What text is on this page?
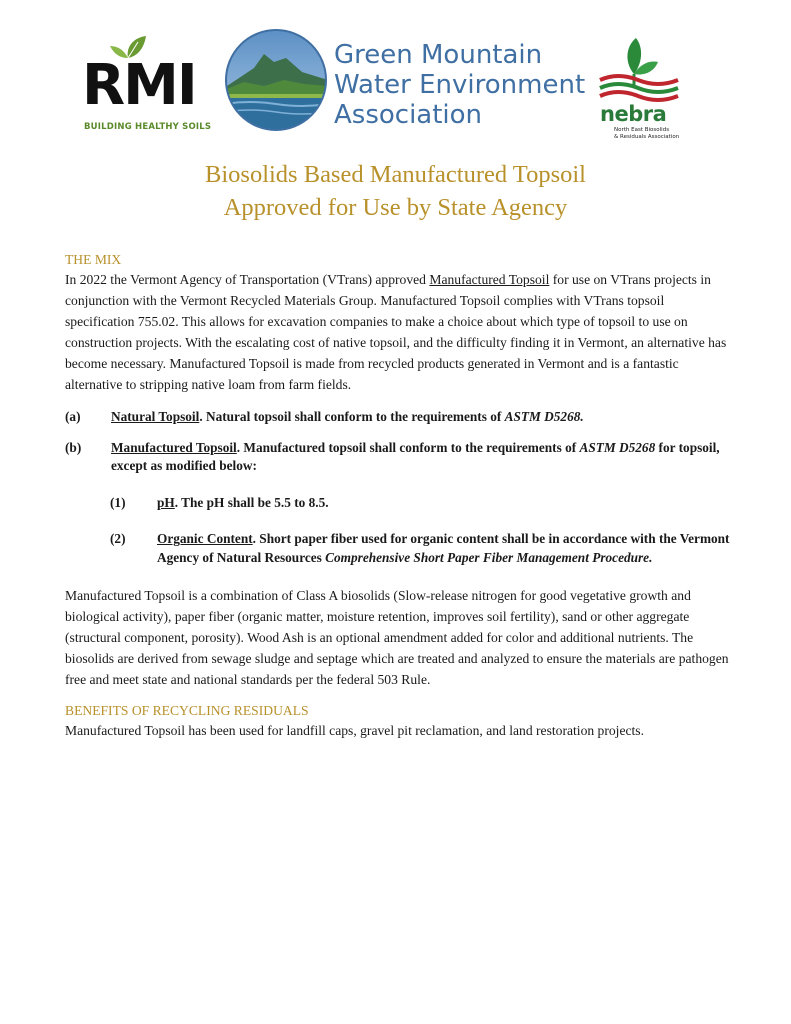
RMI
BUILDING HEALTHY SOILS
Green Mountain
Water Environment
Association	nebra
North East Biosolids
& Residuals Association
Biosolids Based Manufactured Topsoil
Approved for Use by State Agency
THE MIX

In 2022 the Vermont Agency of Transportation (VTrans) approved Manufactured Topsoil for use on VTrans projects in conjunction with the Vermont Recycled Materials Group. Manufactured Topsoil complies with VTrans topsoil specification 755.02. This allows for excavation companies to make a choice about which type of topsoil to use on construction projects. With the escalating cost of native topsoil, and the difficulty finding it in Vermont, an alternative has become necessary. Manufactured Topsoil is made from recycled products generated in Vermont and is a fantastic alternative to stripping native loam from farm fields.

(a) Natural Topsoil. Natural topsoil shall conform to the requirements of ASTM D5268.
(b) Manufactured Topsoil. Manufactured topsoil shall conform to the requirements of ASTM D5268 for topsoil, except as modified below:
(1) pH. The pH shall be 5.5 to 8.5.
(2) Organic Content. Short paper fiber used for organic content shall be in accordance with the Vermont Agency of Natural Resources Comprehensive Short Paper Fiber Management Procedure.

Manufactured Topsoil is a combination of Class A biosolids (Slow-release nitrogen for good vegetative growth and biological activity), paper fiber (organic matter, moisture retention, improves soil fertility), sand or other aggregate (structural component, porosity). Wood Ash is an optional amendment added for color and additional nutrients. The biosolids are derived from sewage sludge and septage which are treated and analyzed to ensure the materials are pathogen free and meet state and national standards per the federal 503 Rule.

BENEFITS OF RECYCLING RESIDUALS

Manufactured Topsoil has been used for landfill caps, gravel pit reclamation, and land restoration projects.
